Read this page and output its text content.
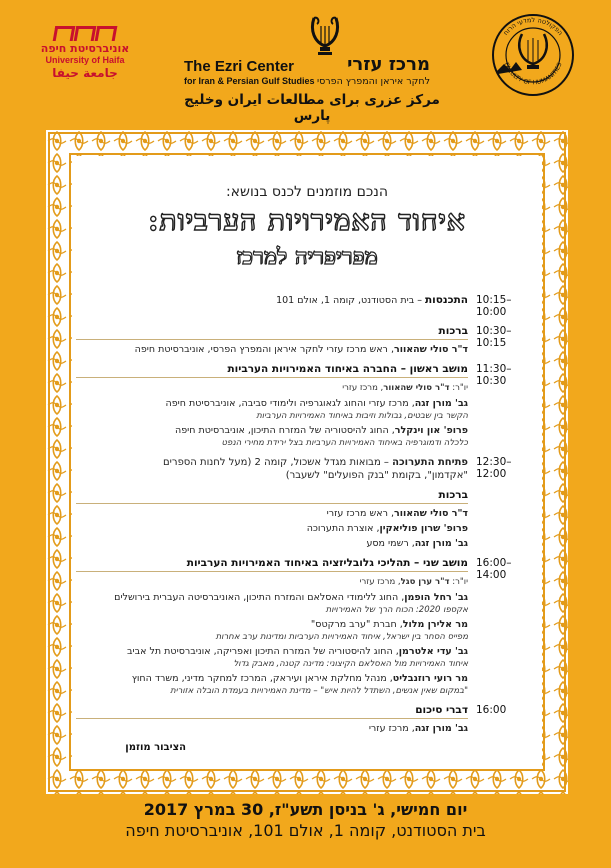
אוניברסיטת חיפה
University of Haifa
جامعة حيفا	The Ezri Center
for Iran & Persian Gulf Studies
מרכז עזרי
לחקר איראן והמפרץ הפרסי
مرکز عزری برای مطالعات ایران وخلیج پارس
הפקולטה למדעי הרוח
FACULTY OF HUMANITIES
הנכם מוזמנים לכנס בנושא:
איחוד האמירויות הערביות:
מפריפריה למרכז
10:15–10:00
התכנסות – בית הסטודנט, קומה 1, אולם 101
10:30–10:15
ברכות
ד"ר סולי שהאוור, ראש מרכז עזרי לחקר איראן והמפרץ הפרסי, אוניברסיטת חיפה
11:30–10:30
מושב ראשון – החברה באיחוד האמירויות הערביות
יו"ר: ד"ר סולי שהאוור, מרכז עזרי
גב' מורן זגה, מרכז עזרי והחוג לגאוגרפיה ולימודי סביבה, אוניברסיטת חיפה
הקשר בין שבטים, גבולות וזיבוּת באיחוד האמירויות הערביות
פרופ' און וינקלר, החוג להיסטוריה של המזרח התיכון, אוניברסיטת חיפה
כלכלה ודמוגרפיה באיחוד האמירויות הערביות בצל ירידת מחירי הנפט
12:30–12:00
פתיחת התערוכה – מבואות מגדל אשכול, קומה 2 (מעל לחנות הספרים
"אקדמון", בקומת "בנק הפועלים" לשעבר)
ברכות
ד"ר סולי שהאוור, ראש מרכז עזרי
פרופ' שרון פוליאקין, אוצרת התערוכה
גב' מורן זגה, רשמי מסע
16:00–14:00
מושב שני – תהליכי גלובליזציה באיחוד האמירויות הערביות
יו"ר: ד"ר ערן סגל, מרכז עזרי
גב' רחל הופמן, החוג ללימודי האסלאם והמזרח התיכון, האוניברסיטה העברית בירושלים
אקספו 2020: הכוח הרך של האמירויות
מר אלירן מלול, חברת "ערב מרקטס"
מפייס הסחר בין ישראל, איחוד האמירויות הערביות ומדינות ערב אחרות
גב' עדי אלטרמן, החוג להיסטוריה של המזרח התיכון ואפריקה, אוניברסיטת תל אביב
איחוד האמירויות מול האסלאם הקיצוני: מדינה קטנה, מאבק גדול
מר רועי רוזנבליט, מנהל מחלקת איראן ועיראק, המרכז למחקר מדיני, משרד החוץ
"במקום שאין אנשים, השתדל להיות איש" – מדינת האמירויות בעמדת הובלה אזורית
16:00
דברי סיכום
גב' מורן זגה, מרכז עזרי
הציבור מוזמן
יום חמישי, ג' בניסן תשע"ז, 30 במרץ 2017
בית הסטודנט, קומה 1, אולם 101, אוניברסיטת חיפה
